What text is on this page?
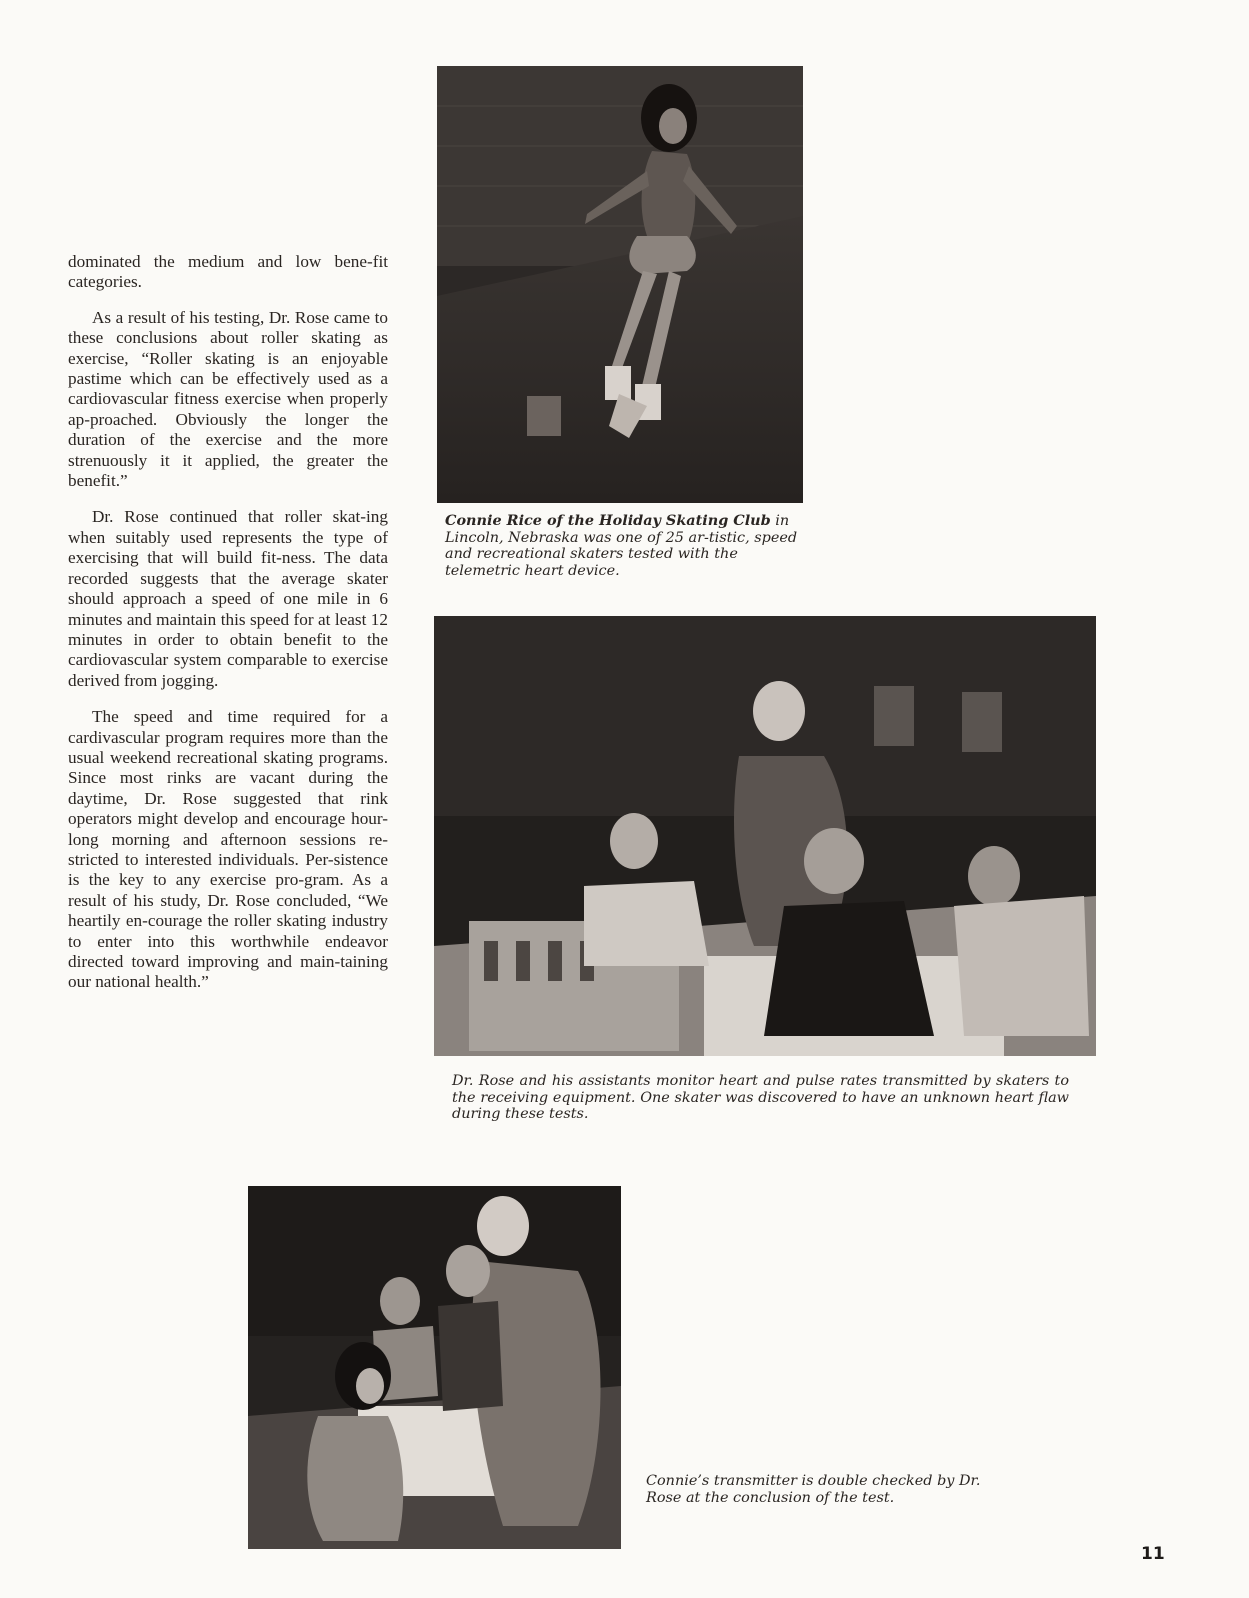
dominated the medium and low bene-fit categories.

As a result of his testing, Dr. Rose came to these conclusions about roller skating as exercise, “Roller skating is an enjoyable pastime which can be effectively used as a cardiovascular fitness exercise when properly ap-proached. Obviously the longer the duration of the exercise and the more strenuously it it applied, the greater the benefit.”

Dr. Rose continued that roller skat-ing when suitably used represents the type of exercising that will build fit-ness. The data recorded suggests that the average skater should approach a speed of one mile in 6 minutes and maintain this speed for at least 12 minutes in order to obtain benefit to the cardiovascular system comparable to exercise derived from jogging.

The speed and time required for a cardivascular program requires more than the usual weekend recreational skating programs. Since most rinks are vacant during the daytime, Dr. Rose suggested that rink operators might develop and encourage hour-long morning and afternoon sessions re-stricted to interested individuals. Per-sistence is the key to any exercise pro-gram. As a result of his study, Dr. Rose concluded, “We heartily en-courage the roller skating industry to enter into this worthwhile endeavor directed toward improving and main-taining our national health.”

Connie Rice of the Holiday Skating Club in Lincoln, Nebraska was one of 25 ar-tistic, speed and recreational skaters tested with the telemetric heart device.
Dr. Rose and his assistants monitor heart and pulse rates transmitted by skaters to the receiving equipment. One skater was discovered to have an unknown heart flaw during these tests.
Connie’s transmitter is double checked by Dr. Rose at the conclusion of the test.
11
